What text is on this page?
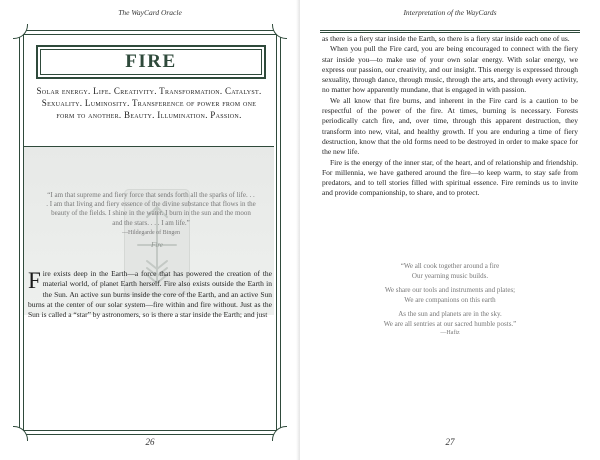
The WayCard Oracle
FIRE
Solar energy. Life. Creativity. Transformation. Catalyst. Sexuality. Luminosity. Transference of power from one form to another. Beauty. Illumination. Passion.
Fire
“I am that supreme and fiery force that sends forth all the sparks of life. . . . I am that living and fiery essence of the divine substance that flows in the beauty of the fields. I shine in the water. I burn in the sun and the moon and the stars. . . . I am life.”
—Hildegarde of Bingen
Fire exists deep in the Earth—a force that has powered the creation of the material world, of planet Earth herself. Fire also exists outside the Earth in the Sun. An active sun burns inside the core of the Earth, and an active Sun burns at the center of our solar system—fire within and fire without. Just as the Sun is called a “star” by astronomers, so is there a star inside the Earth; and just
26
Interpretation of the WayCards

as there is a fiery star inside the Earth, so there is a fiery star inside each one of us.

When you pull the Fire card, you are being encouraged to connect with the fiery star inside you—to make use of your own solar energy. With solar energy, we express our passion, our creativity, and our insight. This energy is expressed through sexuality, through dance, through music, through the arts, and through every activity, no matter how apparently mundane, that is engaged in with passion.

We all know that fire burns, and inherent in the Fire card is a caution to be respectful of the power of the fire. At times, burning is necessary. Forests periodically catch fire, and, over time, through this apparent destruction, they transform into new, vital, and healthy growth. If you are enduring a time of fiery destruction, know that the old forms need to be destroyed in order to make space for the new life.

Fire is the energy of the inner star, of the heart, and of relationship and friendship. For millennia, we have gathered around the fire—to keep warm, to stay safe from predators, and to tell stories filled with spiritual essence. Fire reminds us to invite and provide companionship, to share, and to protect.

“We all cook together around a fire
Our yearning music builds.
We share our tools and instruments and plates;
We are companions on this earth
As the sun and planets are in the sky.
We are all sentries at our sacred humble posts.”
—Hafiz
27
